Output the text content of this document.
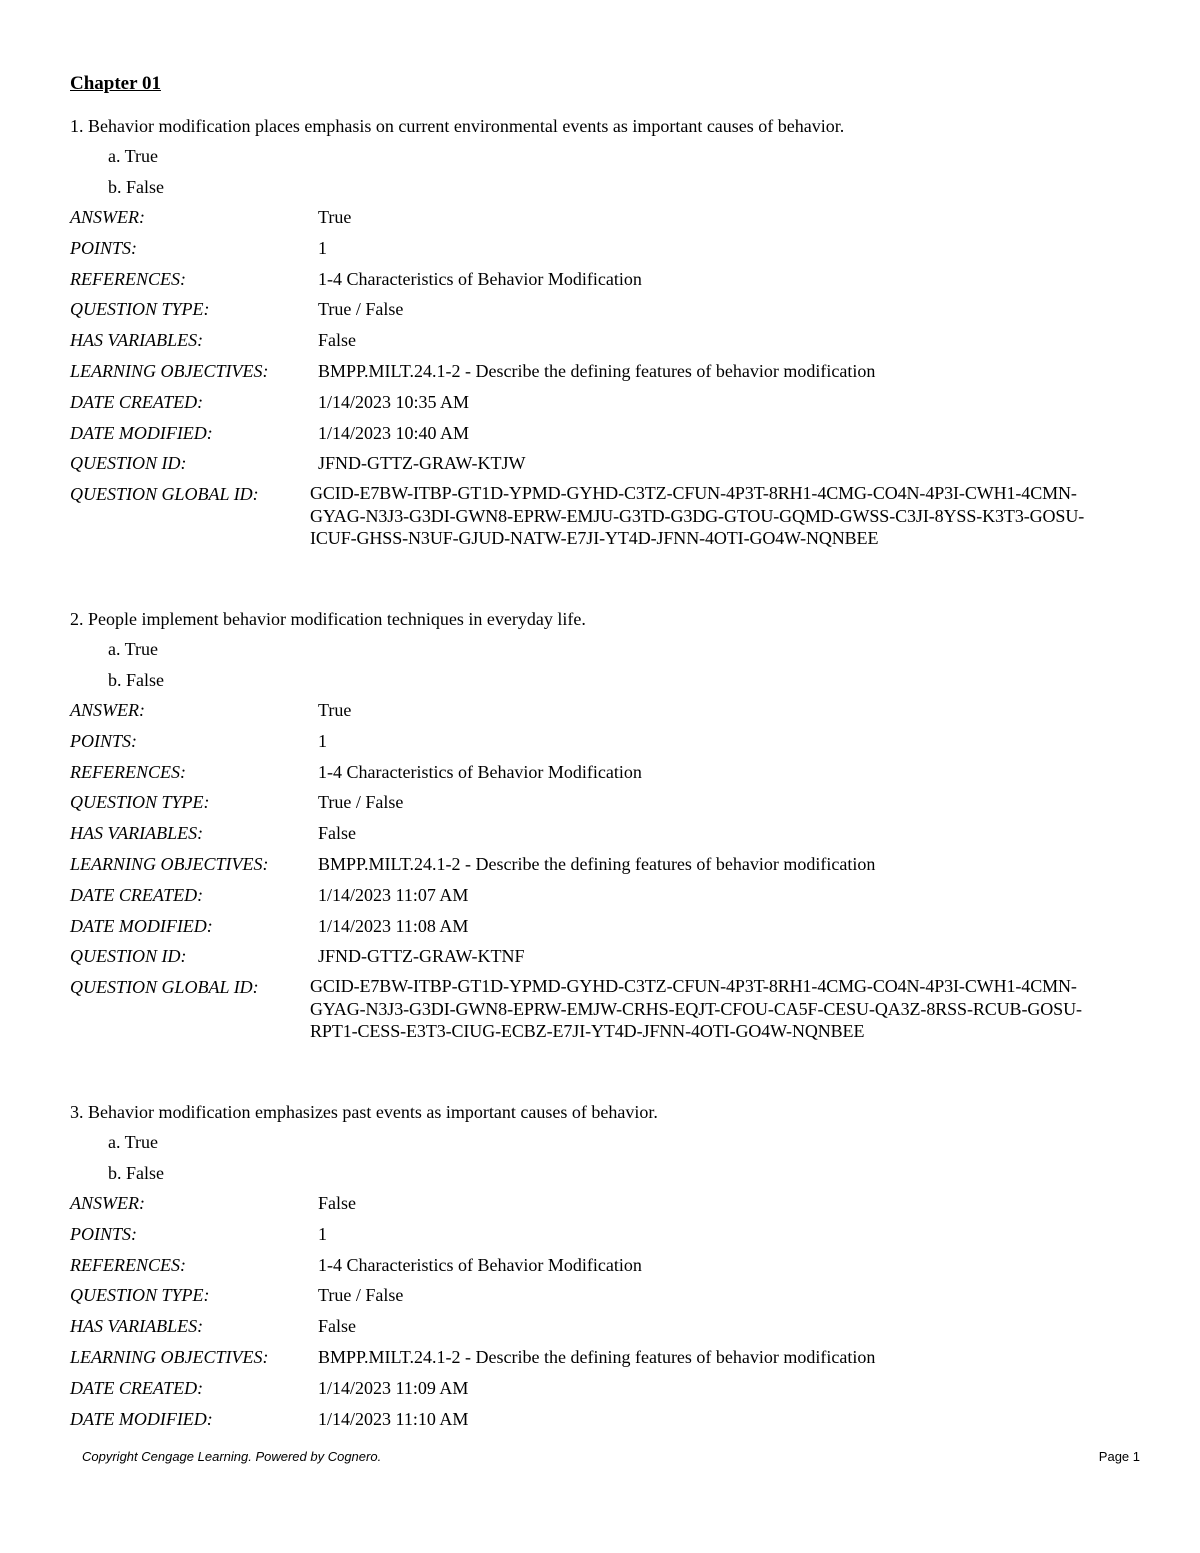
Chapter 01
1. Behavior modification places emphasis on current environmental events as important causes of behavior.
a. True
b. False
ANSWER:	True
POINTS:	1
REFERENCES:	1-4 Characteristics of Behavior Modification
QUESTION TYPE:	True / False
HAS VARIABLES:	False
LEARNING OBJECTIVES:	BMPP.MILT.24.1-2 - Describe the defining features of behavior modification
DATE CREATED:	1/14/2023 10:35 AM
DATE MODIFIED:	1/14/2023 10:40 AM
QUESTION ID:	JFND-GTTZ-GRAW-KTJW
QUESTION GLOBAL ID:	GCID-E7BW-ITBP-GT1D-YPMD-GYHD-C3TZ-CFUN-4P3T-8RH1-4CMG-CO4N-4P3I-CWH1-4CMN-GYAG-N3J3-G3DI-GWN8-EPRW-EMJU-G3TD-G3DG-GTOU-GQMD-GWSS-C3JI-8YSS-K3T3-GOSU-ICUF-GHSS-N3UF-GJUD-NATW-E7JI-YT4D-JFNN-4OTI-GO4W-NQNBEE
2. People implement behavior modification techniques in everyday life.
a. True
b. False
ANSWER:	True
POINTS:	1
REFERENCES:	1-4 Characteristics of Behavior Modification
QUESTION TYPE:	True / False
HAS VARIABLES:	False
LEARNING OBJECTIVES:	BMPP.MILT.24.1-2 - Describe the defining features of behavior modification
DATE CREATED:	1/14/2023 11:07 AM
DATE MODIFIED:	1/14/2023 11:08 AM
QUESTION ID:	JFND-GTTZ-GRAW-KTNF
QUESTION GLOBAL ID:	GCID-E7BW-ITBP-GT1D-YPMD-GYHD-C3TZ-CFUN-4P3T-8RH1-4CMG-CO4N-4P3I-CWH1-4CMN-GYAG-N3J3-G3DI-GWN8-EPRW-EMJW-CRHS-EQJT-CFOU-CA5F-CESU-QA3Z-8RSS-RCUB-GOSU-RPT1-CESS-E3T3-CIUG-ECBZ-E7JI-YT4D-JFNN-4OTI-GO4W-NQNBEE
3. Behavior modification emphasizes past events as important causes of behavior.
a. True
b. False
ANSWER:	False
POINTS:	1
REFERENCES:	1-4 Characteristics of Behavior Modification
QUESTION TYPE:	True / False
HAS VARIABLES:	False
LEARNING OBJECTIVES:	BMPP.MILT.24.1-2 - Describe the defining features of behavior modification
DATE CREATED:	1/14/2023 11:09 AM
DATE MODIFIED:	1/14/2023 11:10 AM
Copyright Cengage Learning. Powered by Cognero.	Page 1
